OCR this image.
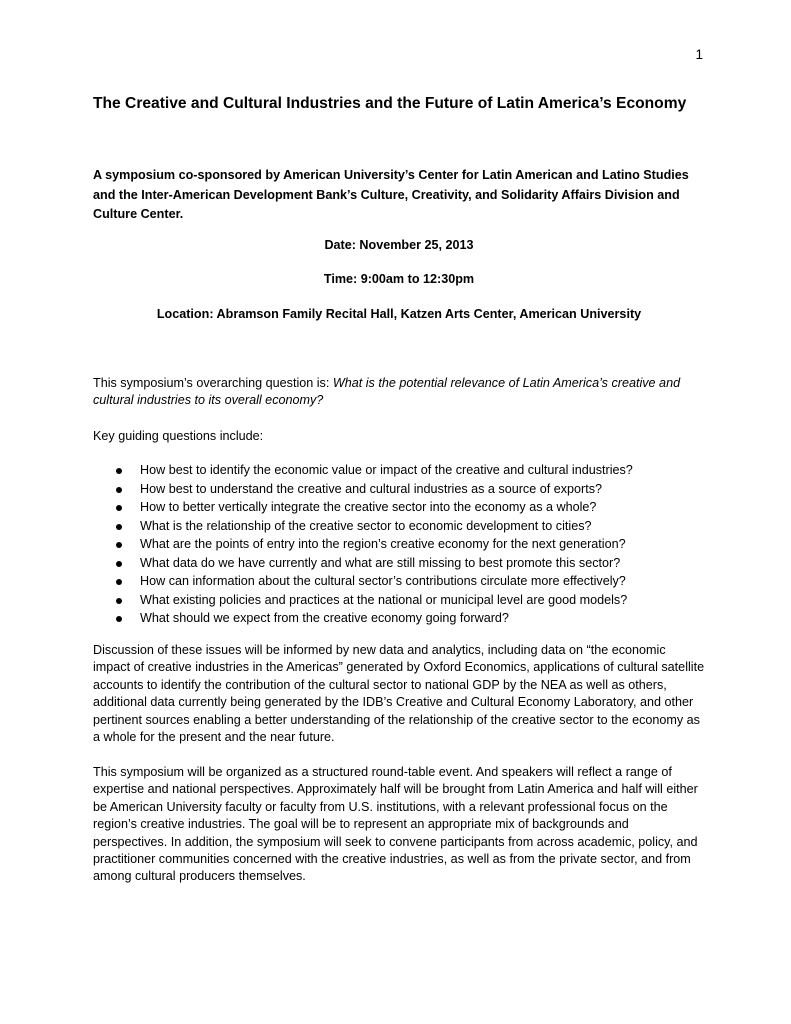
1
The Creative and Cultural Industries and the Future of Latin America’s Economy

A symposium co-sponsored by American University’s Center for Latin American and Latino Studies and the Inter-American Development Bank’s Culture, Creativity, and Solidarity Affairs Division and Culture Center.

Date: November 25, 2013

Time: 9:00am to 12:30pm

Location: Abramson Family Recital Hall, Katzen Arts Center, American University

This symposium’s overarching question is: What is the potential relevance of Latin America’s creative and cultural industries to its overall economy?

Key guiding questions include:

How best to identify the economic value or impact of the creative and cultural industries?
How best to understand the creative and cultural industries as a source of exports?
How to better vertically integrate the creative sector into the economy as a whole?
What is the relationship of the creative sector to economic development to cities?
What are the points of entry into the region’s creative economy for the next generation?
What data do we have currently and what are still missing to best promote this sector?
How can information about the cultural sector’s contributions circulate more effectively?
What existing policies and practices at the national or municipal level are good models?
What should we expect from the creative economy going forward?

Discussion of these issues will be informed by new data and analytics, including data on “the economic impact of creative industries in the Americas” generated by Oxford Economics, applications of cultural satellite accounts to identify the contribution of the cultural sector to national GDP by the NEA as well as others, additional data currently being generated by the IDB’s Creative and Cultural Economy Laboratory, and other pertinent sources enabling a better understanding of the relationship of the creative sector to the economy as a whole for the present and the near future.

This symposium will be organized as a structured round-table event. And speakers will reflect a range of expertise and national perspectives. Approximately half will be brought from Latin America and half will either be American University faculty or faculty from U.S. institutions, with a relevant professional focus on the region’s creative industries. The goal will be to represent an appropriate mix of backgrounds and perspectives. In addition, the symposium will seek to convene participants from across academic, policy, and practitioner communities concerned with the creative industries, as well as from the private sector, and from among cultural producers themselves.
